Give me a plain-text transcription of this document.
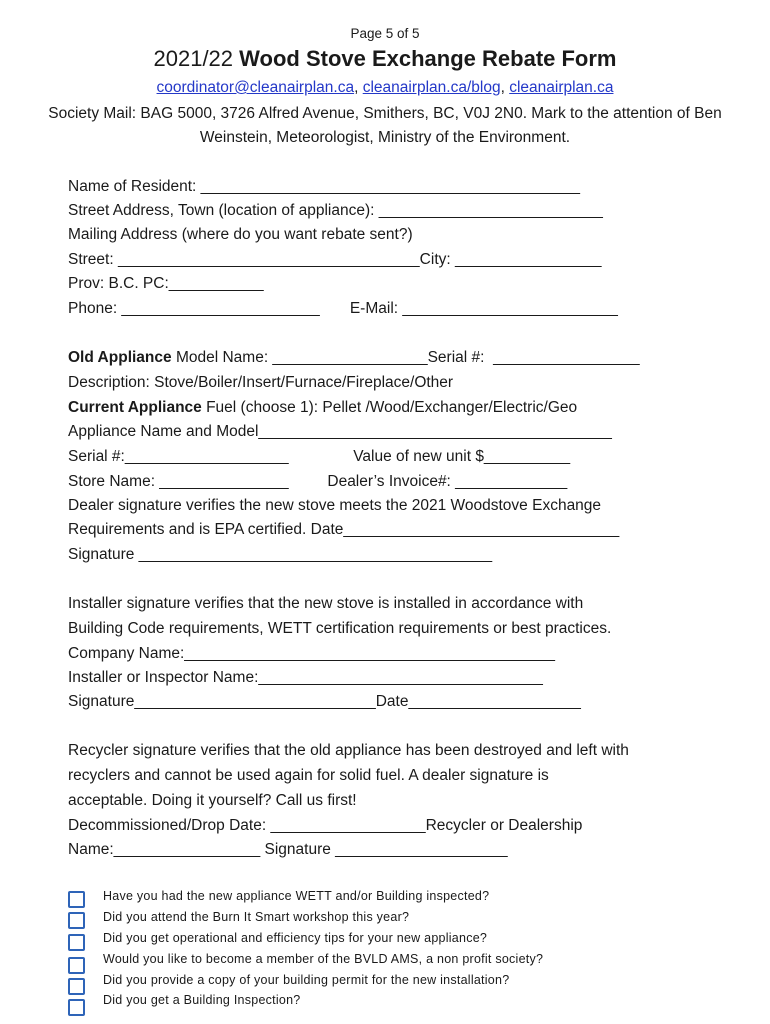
Page 5 of 5
2021/22 Wood Stove Exchange Rebate Form
coordinator@cleanairplan.ca, cleanairplan.ca/blog, cleanairplan.ca
Society Mail: BAG 5000, 3726 Alfred Avenue, Smithers, BC, V0J 2N0. Mark to the attention of Ben Weinstein, Meteorologist, Ministry of the Environment.
Name of Resident: ____________________________________________
Street Address, Town (location of appliance): __________________________
Mailing Address (where do you want rebate sent?)
Street: ___________________________________City: _________________
Prov: B.C. PC:___________
Phone: _______________________       E-Mail: _________________________
Old Appliance Model Name: __________________Serial #:  _________________
Description: Stove/Boiler/Insert/Furnace/Fireplace/Other
Current Appliance Fuel (choose 1): Pellet /Wood/Exchanger/Electric/Geo
Appliance Name and Model_________________________________________
Serial #:___________________               Value of new unit $__________
Store Name: _______________         Dealer’s Invoice#: _____________
Dealer signature verifies the new stove meets the 2021 Woodstove Exchange
Requirements and is EPA certified. Date________________________________
Signature _________________________________________
Installer signature verifies that the new stove is installed in accordance with
Building Code requirements, WETT certification requirements or best practices.
Company Name:___________________________________________
Installer or Inspector Name:_________________________________
Signature____________________________Date____________________
Recycler signature verifies that the old appliance has been destroyed and left with
recyclers and cannot be used again for solid fuel. A dealer signature is
acceptable. Doing it yourself? Call us first!
Decommissioned/Drop Date: __________________Recycler or Dealership
Name:_________________ Signature ____________________
Have you had the new appliance WETT and/or Building inspected?
Did you attend the Burn It Smart workshop this year?
Did you get operational and efficiency tips for your new appliance?
Would you like to become a member of the BVLD AMS, a non profit society?
Did you provide a copy of your building permit for the new installation?
Did you get a Building Inspection?
